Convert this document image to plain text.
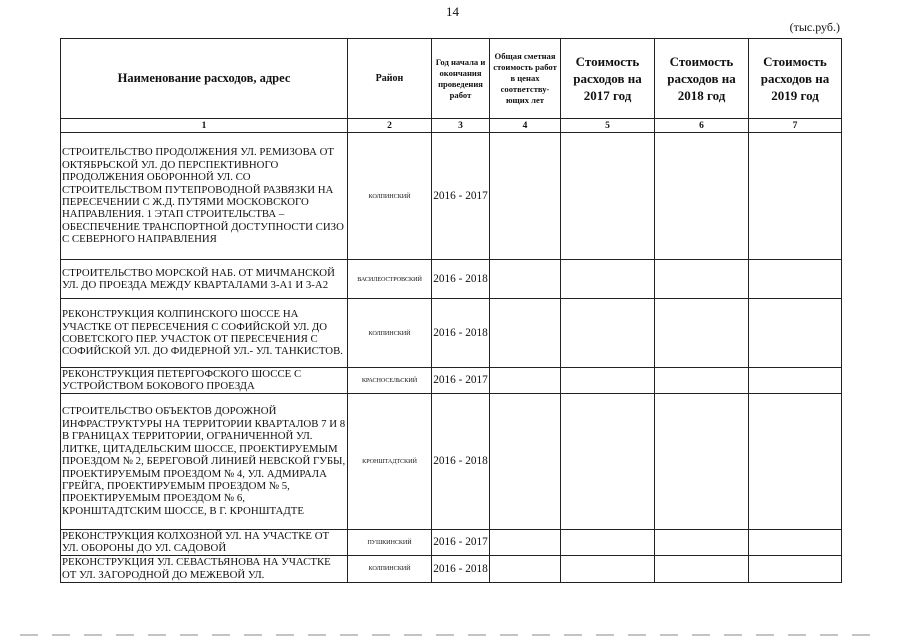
14
(тыс.руб.)
Наименование расходов, адрес	Район	Год начала и окончания проведения работ	Общая сметная стоимость работ в ценах соответству-ющих лет	Стоимость расходов на 2017 год	Стоимость расходов на 2018 год	Стоимость расходов на 2019 год
1	2	3	4	5	6	7
СТРОИТЕЛЬСТВО ПРОДОЛЖЕНИЯ УЛ. РЕМИЗОВА ОТ ОКТЯБРЬСКОЙ УЛ. ДО ПЕРСПЕКТИВНОГО ПРОДОЛЖЕНИЯ ОБОРОННОЙ УЛ. СО СТРОИТЕЛЬСТВОМ ПУТЕПРОВОДНОЙ РАЗВЯЗКИ НА ПЕРЕСЕЧЕНИИ С Ж.Д. ПУТЯМИ МОСКОВСКОГО НАПРАВЛЕНИЯ. 1 ЭТАП СТРОИТЕЛЬСТВА – ОБЕСПЕЧЕНИЕ ТРАНСПОРТНОЙ ДОСТУПНОСТИ СИЗО С СЕВЕРНОГО НАПРАВЛЕНИЯ	КОЛПИНСКИЙ	2016 - 2017				
СТРОИТЕЛЬСТВО МОРСКОЙ НАБ. ОТ МИЧМАНСКОЙ УЛ. ДО ПРОЕЗДА МЕЖДУ КВАРТАЛАМИ 3-А1 И 3-А2	ВАСИЛЕОСТРОВСКИЙ	2016 - 2018				
РЕКОНСТРУКЦИЯ КОЛПИНСКОГО ШОССЕ НА УЧАСТКЕ ОТ ПЕРЕСЕЧЕНИЯ С СОФИЙСКОЙ УЛ. ДО СОВЕТСКОГО ПЕР. УЧАСТОК ОТ ПЕРЕСЕЧЕНИЯ С СОФИЙСКОЙ УЛ. ДО ФИДЕРНОЙ УЛ.- УЛ. ТАНКИСТОВ.	КОЛПИНСКИЙ	2016 - 2018				
РЕКОНСТРУКЦИЯ ПЕТЕРГОФСКОГО ШОССЕ С УСТРОЙСТВОМ БОКОВОГО ПРОЕЗДА	КРАСНОСЕЛЬСКИЙ	2016 - 2017				
СТРОИТЕЛЬСТВО ОБЪЕКТОВ ДОРОЖНОЙ ИНФРАСТРУКТУРЫ НА ТЕРРИТОРИИ КВАРТАЛОВ 7 И 8 В ГРАНИЦАХ ТЕРРИТОРИИ, ОГРАНИЧЕННОЙ УЛ. ЛИТКЕ, ЦИТАДЕЛЬСКИМ ШОССЕ, ПРОЕКТИРУЕМЫМ ПРОЕЗДОМ № 2, БЕРЕГОВОЙ ЛИНИЕЙ НЕВСКОЙ ГУБЫ, ПРОЕКТИРУЕМЫМ ПРОЕЗДОМ № 4, УЛ. АДМИРАЛА ГРЕЙГА, ПРОЕКТИРУЕМЫМ ПРОЕЗДОМ № 5, ПРОЕКТИРУЕМЫМ ПРОЕЗДОМ № 6, КРОНШТАДТСКИМ ШОССЕ, В Г. КРОНШТАДТЕ	КРОНШТАДТСКИЙ	2016 - 2018				
РЕКОНСТРУКЦИЯ КОЛХОЗНОЙ УЛ. НА УЧАСТКЕ ОТ УЛ. ОБОРОНЫ ДО УЛ. САДОВОЙ	ПУШКИНСКИЙ	2016 - 2017				
РЕКОНСТРУКЦИЯ УЛ. СЕВАСТЬЯНОВА НА УЧАСТКЕ ОТ УЛ. ЗАГОРОДНОЙ ДО МЕЖЕВОЙ УЛ.	КОЛПИНСКИЙ	2016 - 2018				
